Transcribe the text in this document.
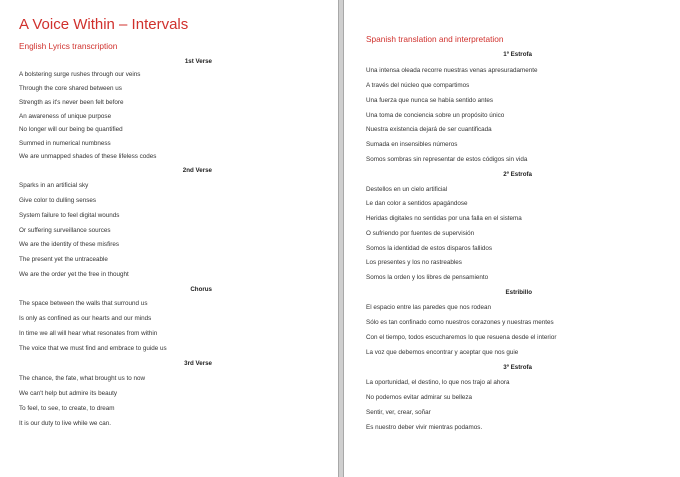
A Voice Within – Intervals
English Lyrics transcription
1st Verse
A bolstering surge rushes through our veins
Through the core shared between us
Strength as it's never been felt before
An awareness of unique purpose
No longer will our being be quantified
Summed in numerical numbness
We are unmapped shades of these lifeless codes
2nd Verse
Sparks in an artificial sky
Give color to dulling senses
System failure to feel digital wounds
Or suffering surveillance sources
We are the identity of these misfires
The present yet the untraceable
We are the order yet the free in thought
Chorus
The space between the walls that surround us
Is only as confined as our hearts and our minds
In time we all will hear what resonates from within
The voice that we must find and embrace to guide us
3rd Verse
The chance, the fate, what brought us to now
We can't help but admire its beauty
To feel, to see, to create, to dream
It is our duty to live while we can.
Spanish translation and interpretation
1º Estrofa
Una intensa oleada recorre nuestras venas apresuradamente
A través del núcleo que compartimos
Una fuerza que nunca se había sentido antes
Una toma de conciencia sobre un propósito único
Nuestra existencia dejará de ser cuantificada
Sumada en insensibles números
Somos sombras sin representar de estos códigos sin vida
2º Estrofa
Destellos en un cielo artificial
Le dan color a sentidos apagándose
Heridas digitales no sentidas por una falla en el sistema
O sufriendo por fuentes de supervisión
Somos la identidad de estos disparos fallidos
Los presentes y los no rastreables
Somos la orden y los libres de pensamiento
Estribillo
El espacio entre las paredes que nos rodean
Sólo es tan confinado como nuestros corazones y nuestras mentes
Con el tiempo, todos escucharemos lo que resuena desde el interior
La voz que debemos encontrar y aceptar que nos guie
3º Estrofa
La oportunidad, el destino, lo que nos trajo al ahora
No podemos evitar admirar su belleza
Sentir, ver, crear, soñar
Es nuestro deber vivir mientras podamos.
